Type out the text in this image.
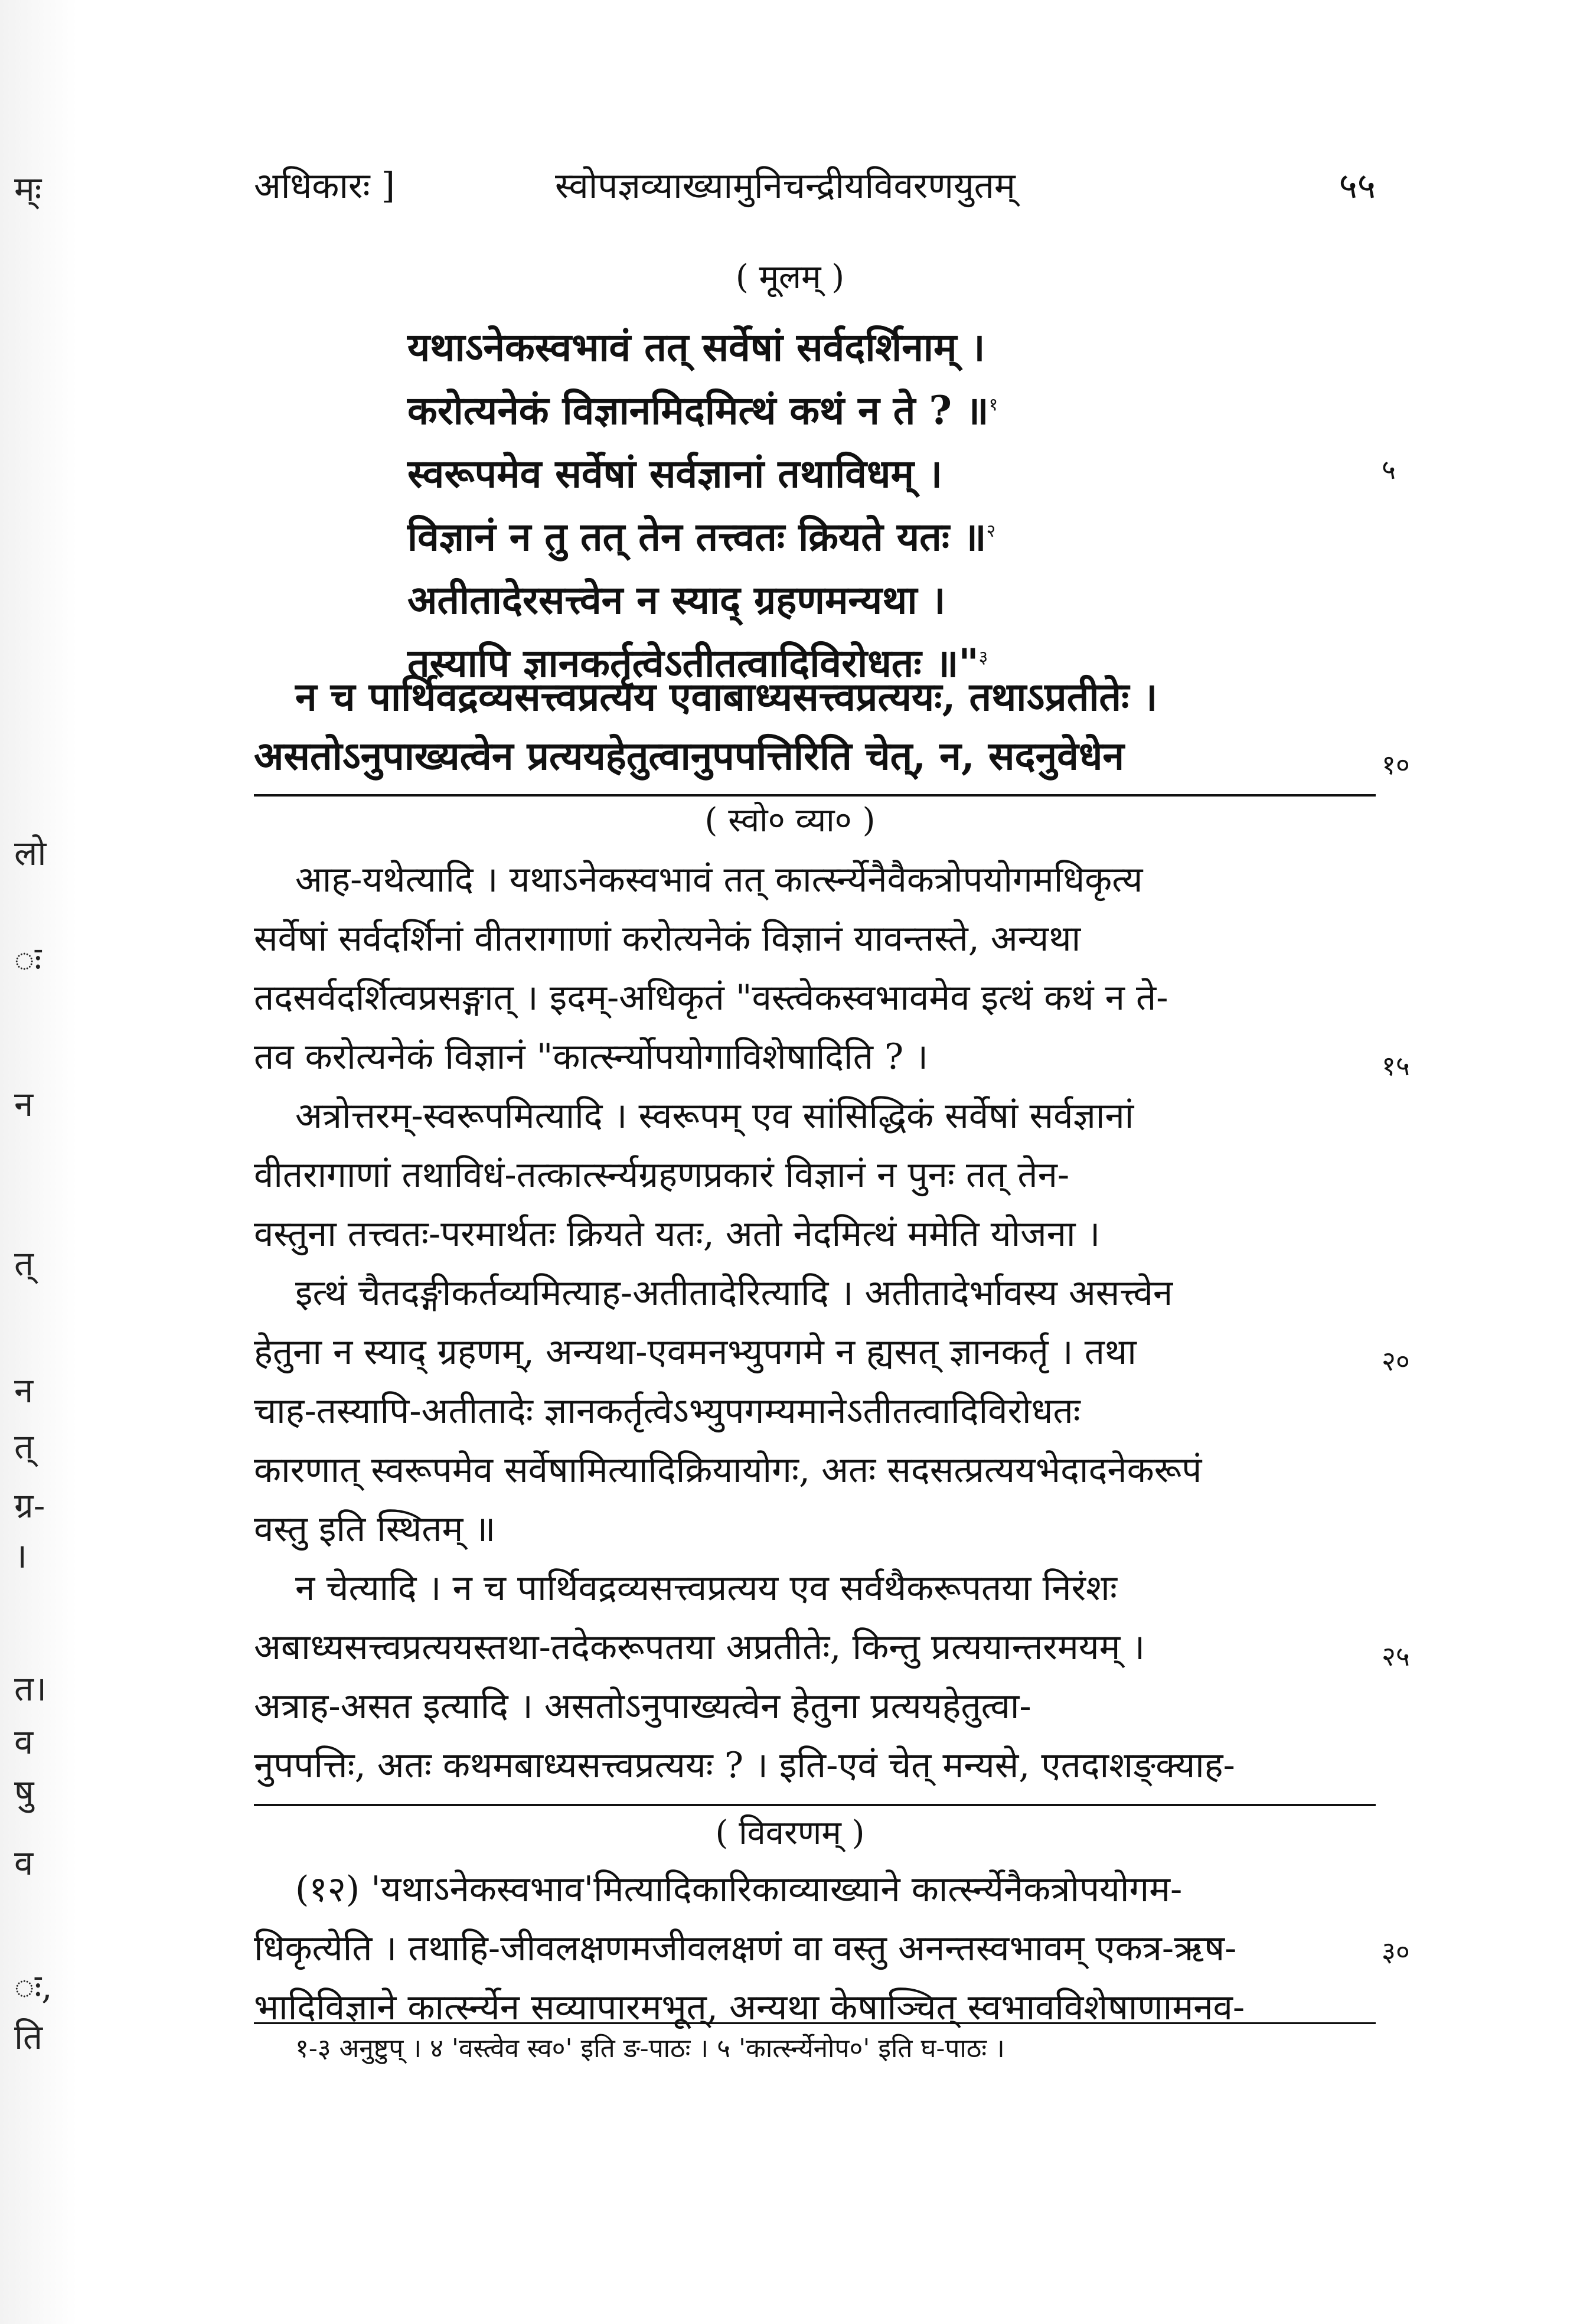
म्ः
लो
ः
न
त्
न
त्
ग्र-
।
त।
व
षु
व
ः,
ति
अधिकारः ]	स्वोपज्ञव्याख्यामुनिचन्द्रीयविवरणयुतम्	५५
( मूलम् )
यथाऽनेकस्वभावं तत् सर्वेषां सर्वदर्शिनाम् ।
करोत्यनेकं विज्ञानमिदमित्थं कथं न ते ? ॥$^१$
स्वरूपमेव सर्वेषां सर्वज्ञानां तथाविधम् ।
विज्ञानं न तु तत् तेन तत्त्वतः क्रियते यतः ॥$^२$
अतीतादेरसत्त्वेन न स्याद् ग्रहणमन्यथा ।
तस्यापि ज्ञानकर्तृत्वेऽतीतत्वादिविरोधतः ॥"$^३$
न च पार्थिवद्रव्यसत्त्वप्रत्यय एवाबाध्यसत्त्वप्रत्ययः, तथाऽप्रतीतेः ।
असतोऽनुपाख्यत्वेन प्रत्ययहेतुत्वानुपपत्तिरिति चेत्, न, सदनुवेधेन
( स्वो० व्या० )
आह-यथेत्यादि । यथाऽनेकस्वभावं तत् कार्त्स्न्येनैवैकत्रोपयोगमधिकृत्य
सर्वेषां सर्वदर्शिनां वीतरागाणां करोत्यनेकं विज्ञानं यावन्तस्ते, अन्यथा
तदसर्वदर्शित्वप्रसङ्गात् । इदम्-अधिकृतं "वस्त्वेकस्वभावमेव इत्थं कथं न ते-
तव करोत्यनेकं विज्ञानं "कार्त्स्न्योपयोगाविशेषादिति ? ।
अत्रोत्तरम्-स्वरूपमित्यादि । स्वरूपम् एव सांसिद्धिकं सर्वेषां सर्वज्ञानां
वीतरागाणां तथाविधं-तत्कार्त्स्न्यग्रहणप्रकारं विज्ञानं न पुनः तत् तेन-
वस्तुना तत्त्वतः-परमार्थतः क्रियते यतः, अतो नेदमित्थं ममेति योजना ।
इत्थं चैतदङ्गीकर्तव्यमित्याह-अतीतादेरित्यादि । अतीतादेर्भावस्य असत्त्वेन
हेतुना न स्याद् ग्रहणम्, अन्यथा-एवमनभ्युपगमे न ह्यसत् ज्ञानकर्तृ । तथा
चाह-तस्यापि-अतीतादेः ज्ञानकर्तृत्वेऽभ्युपगम्यमानेऽतीतत्वादिविरोधतः
कारणात् स्वरूपमेव सर्वेषामित्यादिक्रियायोगः, अतः सदसत्प्रत्ययभेदादनेकरूपं
वस्तु इति स्थितम् ॥
न चेत्यादि । न च पार्थिवद्रव्यसत्त्वप्रत्यय एव सर्वथैकरूपतया निरंशः
अबाध्यसत्त्वप्रत्ययस्तथा-तदेकरूपतया अप्रतीतेः, किन्तु प्रत्ययान्तरमयम् ।
अत्राह-असत इत्यादि । असतोऽनुपाख्यत्वेन हेतुना प्रत्ययहेतुत्वा-
नुपपत्तिः, अतः कथमबाध्यसत्त्वप्रत्ययः ? । इति-एवं चेत् मन्यसे, एतदाशङ्क्याह-
( विवरणम् )
(१२) 'यथाऽनेकस्वभाव'मित्यादिकारिकाव्याख्याने कार्त्स्न्येनैकत्रोपयोगम-
धिकृत्येति । तथाहि-जीवलक्षणमजीवलक्षणं वा वस्तु अनन्तस्वभावम् एकत्र-ऋष-
भादिविज्ञाने कार्त्स्न्येन सव्यापारमभूत्, अन्यथा केषाञ्चित् स्वभावविशेषाणामनव-
१-३ अनुष्टुप् । ४ 'वस्त्वेव स्व०' इति ङ-पाठः । ५ 'कार्त्स्न्येनोप०' इति घ-पाठः ।
५
१०
१५
२०
२५
३०
